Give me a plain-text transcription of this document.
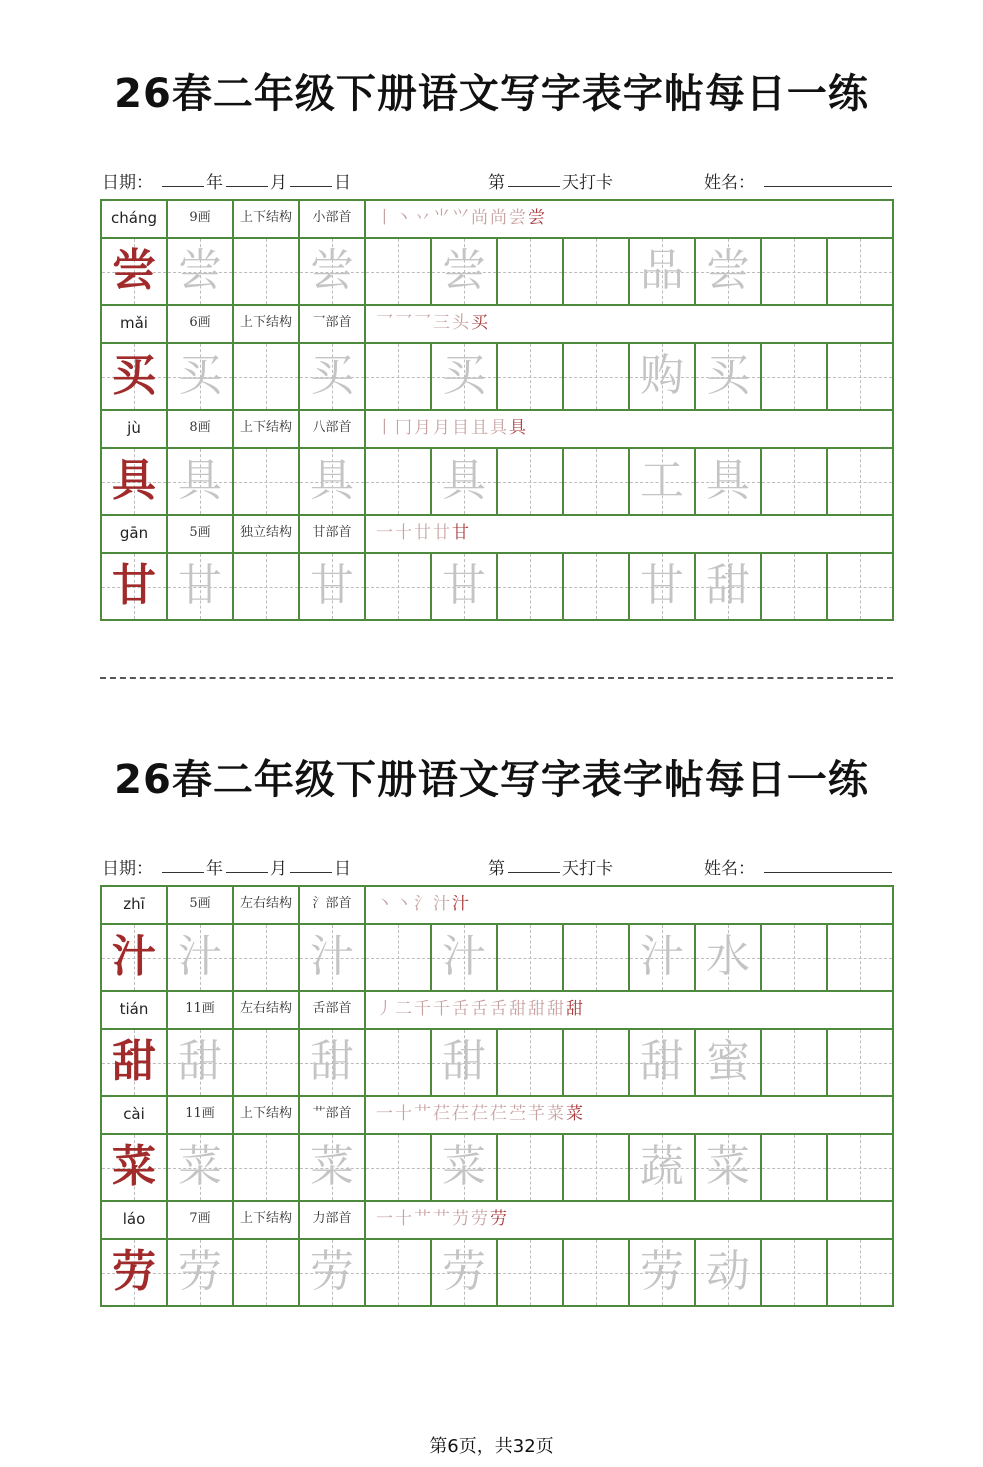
26春二年级下册语文写字表字帖每日一练
日期：	年	月	日	第	天打卡	姓名：
cháng	9画	上下结构	小部首	丨丶丷⺌⺍尚尚尝尝
尝 尝 尝 尝	品 尝
mǎi	6画	上下结构	乛部首	乛乛乛三头买
买 买 买 买	购 买
jù	8画	上下结构	八部首	丨冂月月目且具具
具 具 具 具	工 具
gān	5画	独立结构	甘部首	一十廿廿甘
甘 甘 甘 甘	甘 甜
26春二年级下册语文写字表字帖每日一练
日期：	年	月	日	第	天打卡	姓名：
zhī	5画	左右结构	氵部首	丶丶氵汁汁
汁 汁 汁 汁	汁 水
tián	11画	左右结构	舌部首	丿二千千舌舌舌甜甜甜甜
甜 甜 甜 甜	甜 蜜
cài	11画	上下结构	艹部首	一十艹芢芢芢芢苎芊菜菜
菜 菜 菜 菜	蔬 菜
láo	7画	上下结构	力部首	一十艹艹芀劳劳
劳 劳 劳 劳	劳 动
第6页，共32页
